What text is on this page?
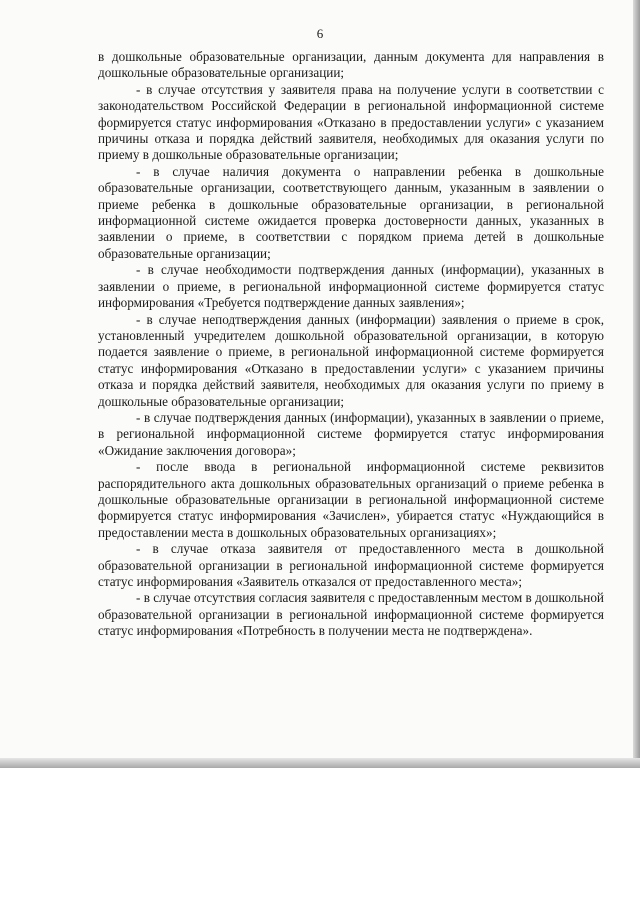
6

в дошкольные образовательные организации, данным документа для направления в дошкольные образовательные организации;

- в случае отсутствия у заявителя права на получение услуги в соответствии с законодательством Российской Федерации в региональной информационной системе формируется статус информирования «Отказано в предоставлении услуги» с указанием причины отказа и порядка действий заявителя, необходимых для оказания услуги по приему в дошкольные образовательные организации;

- в случае наличия документа о направлении ребенка в дошкольные образовательные организации, соответствующего данным, указанным в заявлении о приеме ребенка в дошкольные образовательные организации, в региональной информационной системе ожидается проверка достоверности данных, указанных в заявлении о приеме, в соответствии с порядком приема детей в дошкольные образовательные организации;

- в случае необходимости подтверждения данных (информации), указанных в заявлении о приеме, в региональной информационной системе формируется статус информирования «Требуется подтверждение данных заявления»;

- в случае неподтверждения данных (информации) заявления о приеме в срок, установленный учредителем дошкольной образовательной организации, в которую подается заявление о приеме, в региональной информационной системе формируется статус информирования «Отказано в предоставлении услуги» с указанием причины отказа и порядка действий заявителя, необходимых для оказания услуги по приему в дошкольные образовательные организации;

- в случае подтверждения данных (информации), указанных в заявлении о приеме, в региональной информационной системе формируется статус информирования «Ожидание заключения договора»;

- после ввода в региональной информационной системе реквизитов распорядительного акта дошкольных образовательных организаций о приеме ребенка в дошкольные образовательные организации в региональной информационной системе формируется статус информирования «Зачислен», убирается статус «Нуждающийся в предоставлении места в дошкольных образовательных организациях»;

- в случае отказа заявителя от предоставленного места в дошкольной образовательной организации в региональной информационной системе формируется статус информирования «Заявитель отказался от предоставленного места»;

- в случае отсутствия согласия заявителя с предоставленным местом в дошкольной образовательной организации в региональной информационной системе формируется статус информирования «Потребность в получении места не подтверждена».
